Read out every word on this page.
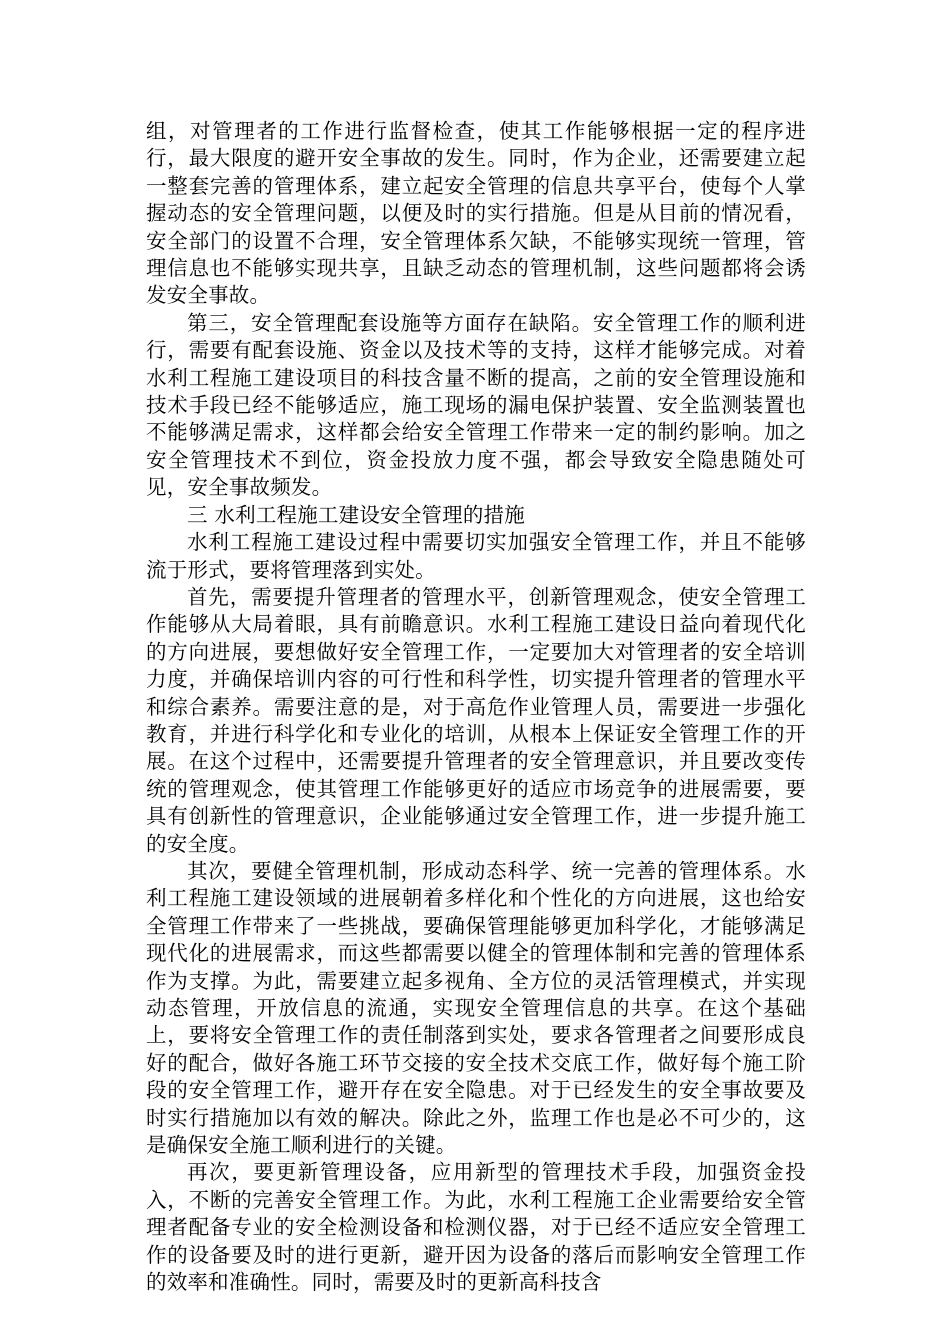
组，对管理者的工作进行监督检查，使其工作能够根据一定的程序进行，最大限度的避开安全事故的发生。同时，作为企业，还需要建立起一整套完善的管理体系，建立起安全管理的信息共享平台，使每个人掌握动态的安全管理问题，以便及时的实行措施。但是从目前的情况看，安全部门的设置不合理，安全管理体系欠缺，不能够实现统一管理，管理信息也不能够实现共享，且缺乏动态的管理机制，这些问题都将会诱发安全事故。

第三，安全管理配套设施等方面存在缺陷。安全管理工作的顺利进行，需要有配套设施、资金以及技术等的支持，这样才能够完成。对着水利工程施工建设项目的科技含量不断的提高，之前的安全管理设施和技术手段已经不能够适应，施工现场的漏电保护装置、安全监测装置也不能够满足需求，这样都会给安全管理工作带来一定的制约影响。加之安全管理技术不到位，资金投放力度不强，都会导致安全隐患随处可见，安全事故频发。

三 水利工程施工建设安全管理的措施

水利工程施工建设过程中需要切实加强安全管理工作，并且不能够流于形式，要将管理落到实处。

首先，需要提升管理者的管理水平，创新管理观念，使安全管理工作能够从大局着眼，具有前瞻意识。水利工程施工建设日益向着现代化的方向进展，要想做好安全管理工作，一定要加大对管理者的安全培训力度，并确保培训内容的可行性和科学性，切实提升管理者的管理水平和综合素养。需要注意的是，对于高危作业管理人员，需要进一步强化教育，并进行科学化和专业化的培训，从根本上保证安全管理工作的开展。在这个过程中，还需要提升管理者的安全管理意识，并且要改变传统的管理观念，使其管理工作能够更好的适应市场竞争的进展需要，要具有创新性的管理意识，企业能够通过安全管理工作，进一步提升施工的安全度。

其次，要健全管理机制，形成动态科学、统一完善的管理体系。水利工程施工建设领域的进展朝着多样化和个性化的方向进展，这也给安全管理工作带来了一些挑战，要确保管理能够更加科学化，才能够满足现代化的进展需求，而这些都需要以健全的管理体制和完善的管理体系作为支撑。为此，需要建立起多视角、全方位的灵活管理模式，并实现动态管理，开放信息的流通，实现安全管理信息的共享。在这个基础上，要将安全管理工作的责任制落到实处，要求各管理者之间要形成良好的配合，做好各施工环节交接的安全技术交底工作，做好每个施工阶段的安全管理工作，避开存在安全隐患。对于已经发生的安全事故要及时实行措施加以有效的解决。除此之外，监理工作也是必不可少的，这是确保安全施工顺利进行的关键。

再次，要更新管理设备，应用新型的管理技术手段，加强资金投入，不断的完善安全管理工作。为此，水利工程施工企业需要给安全管理者配备专业的安全检测设备和检测仪器，对于已经不适应安全管理工作的设备要及时的进行更新，避开因为设备的落后而影响安全管理工作的效率和准确性。同时，需要及时的更新高科技含
